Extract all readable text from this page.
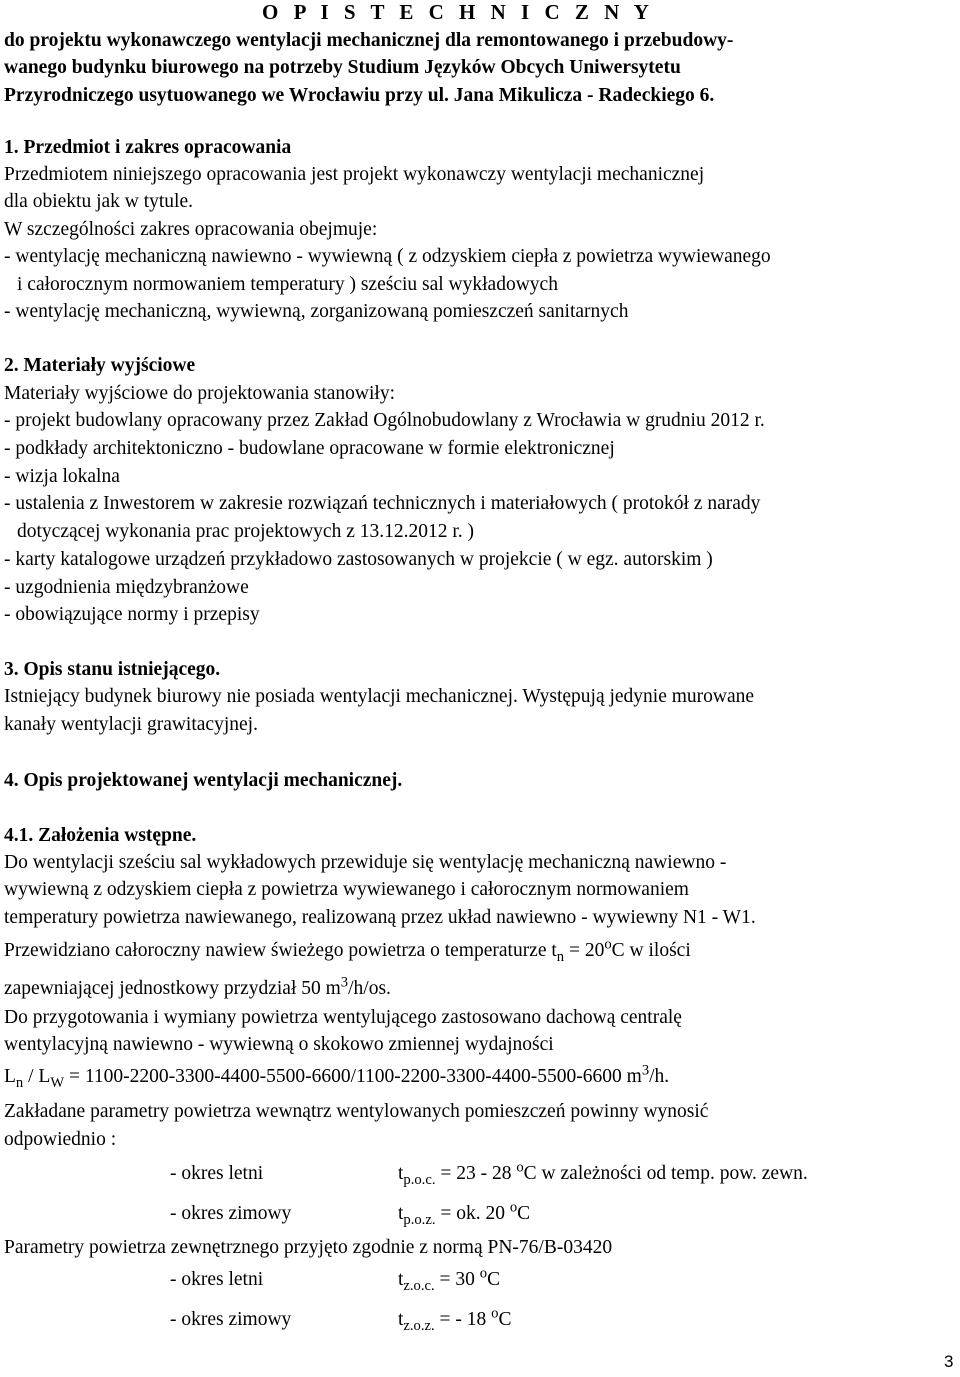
O P I S T E C H N I C Z N Y
do projektu wykonawczego wentylacji mechanicznej dla remontowanego i przebudowy-
wanego budynku biurowego na potrzeby Studium Języków Obcych Uniwersytetu
Przyrodniczego usytuowanego we Wrocławiu przy ul. Jana Mikulicza - Radeckiego 6.
1. Przedmiot i zakres opracowania
Przedmiotem niniejszego opracowania jest projekt wykonawczy wentylacji mechanicznej
dla obiektu jak w tytule.
W szczególności zakres opracowania obejmuje:
- wentylację mechaniczną nawiewno - wywiewną ( z odzyskiem ciepła z powietrza wywiewanego
i całorocznym normowaniem temperatury ) sześciu sal wykładowych
- wentylację mechaniczną, wywiewną, zorganizowaną pomieszczeń sanitarnych
2. Materiały wyjściowe
Materiały wyjściowe do projektowania stanowiły:
- projekt budowlany opracowany przez Zakład Ogólnobudowlany z Wrocławia w grudniu 2012 r.
- podkłady architektoniczno - budowlane opracowane w formie elektronicznej
- wizja lokalna
- ustalenia z Inwestorem w zakresie rozwiązań technicznych i materiałowych ( protokół z narady
dotyczącej wykonania prac projektowych z 13.12.2012 r. )
- karty katalogowe urządzeń przykładowo zastosowanych w projekcie ( w egz. autorskim )
- uzgodnienia międzybranżowe
- obowiązujące normy i przepisy
3. Opis stanu istniejącego.
Istniejący budynek biurowy nie posiada wentylacji mechanicznej. Występują jedynie murowane
kanały wentylacji grawitacyjnej.
4. Opis projektowanej wentylacji mechanicznej.
4.1. Założenia wstępne.
Do wentylacji sześciu sal wykładowych przewiduje się wentylację mechaniczną nawiewno -
wywiewną z odzyskiem ciepła z powietrza wywiewanego i całorocznym normowaniem
temperatury powietrza nawiewanego, realizowaną przez układ nawiewno - wywiewny N1 - W1.
Przewidziano całoroczny nawiew świeżego powietrza o temperaturze $t_n = 20^oC$ w ilości
zapewniającej jednostkowy przydział 50 $m^3/h/os$.
Do przygotowania i wymiany powietrza wentylującego zastosowano dachową centralę
wentylacyjną nawiewno - wywiewną o skokowo zmiennej wydajności
$L_n / L_W = 1100-2200-3300-4400-5500-6600/1100-2200-3300-4400-5500-6600$ $m^3/h$.
Zakładane parametry powietrza wewnątrz wentylowanych pomieszczeń powinny wynosić
odpowiednio :
- okres letni	$t_{p.o.c.} = 23 - 28$ $^o$C w zależności od temp. pow. zewn.
- okres zimowy	$t_{p.o.z.}$ = ok. 20 $^o$C
Parametry powietrza zewnętrznego przyjęto zgodnie z normą PN-76/B-03420
- okres letni	$t_{z.o.c.} = 30$ $^o$C
- okres zimowy	$t_{z.o.z.}$ = - 18 $^o$C
3
